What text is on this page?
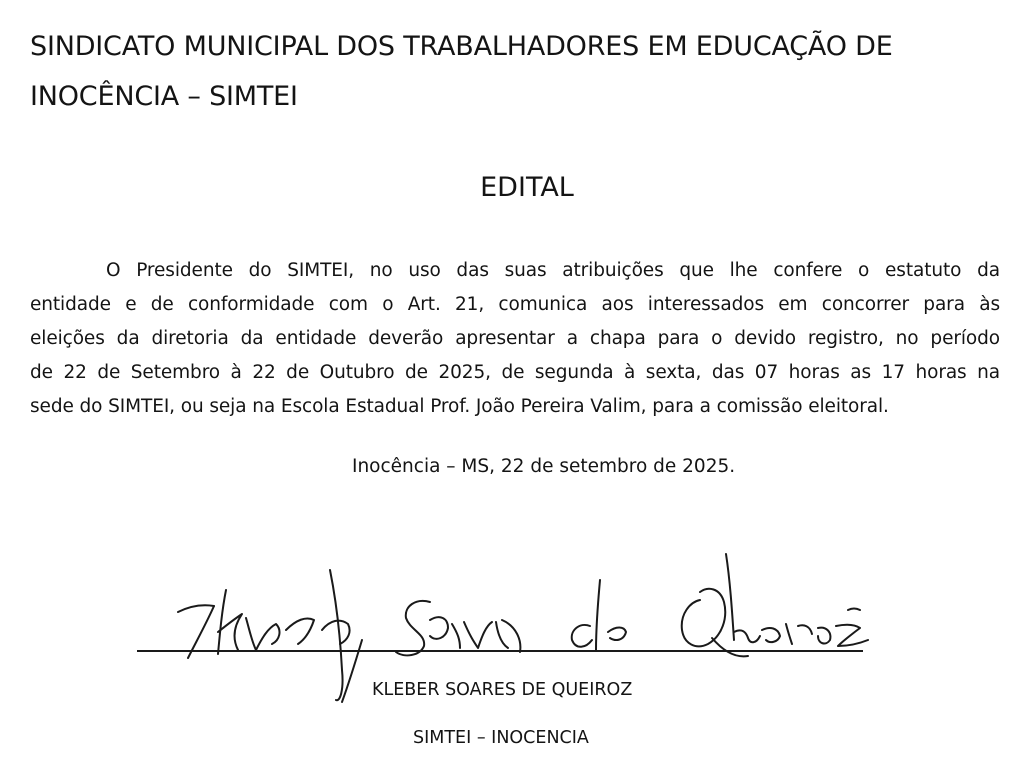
SINDICATO MUNICIPAL DOS TRABALHADORES EM EDUCAÇÃO DE
INOCÊNCIA – SIMTEI
EDITAL
O Presidente do SIMTEI, no uso das suas atribuições que lhe confere o estatuto da
entidade e de conformidade com o Art. 21, comunica aos interessados em concorrer para às
eleições da diretoria da entidade deverão apresentar a chapa para o devido registro, no período
de 22 de Setembro à 22 de Outubro de 2025, de segunda à sexta, das 07 horas as 17 horas na
sede do SIMTEI, ou seja na Escola Estadual Prof. João Pereira Valim, para a comissão eleitoral.
Inocência – MS, 22 de setembro de 2025.
KLEBER SOARES DE QUEIROZ
SIMTEI – INOCENCIA
